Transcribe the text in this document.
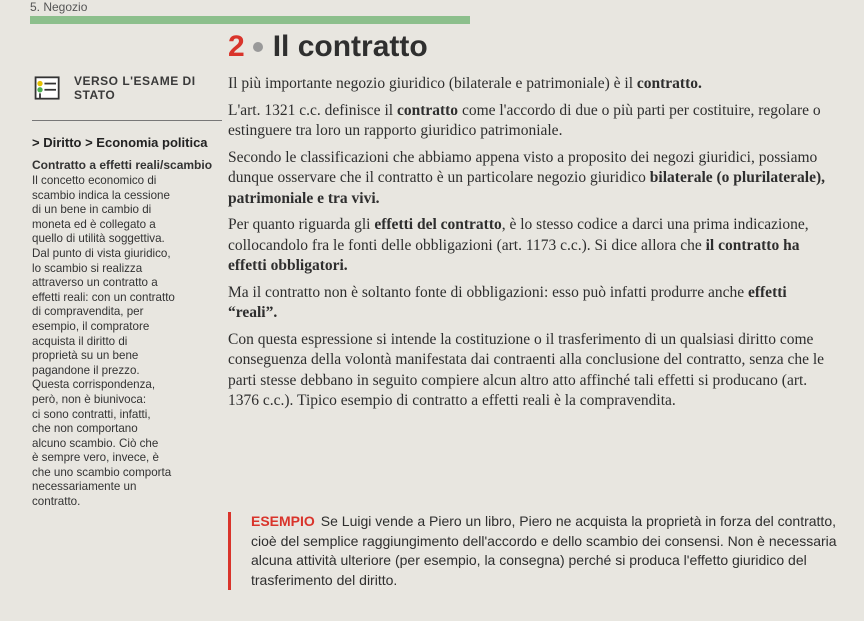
5. Negozio
VERSO L'ESAME DI STATO
> Diritto > Economia politica
Contratto a effetti reali/scambio
Il concetto economico di
scambio indica la cessione
di un bene in cambio di
moneta ed è collegato a
quello di utilità soggettiva.
Dal punto di vista giuridico,
lo scambio si realizza
attraverso un contratto a
effetti reali: con un contratto
di compravendita, per
esempio, il compratore
acquista il diritto di
proprietà su un bene
pagandone il prezzo.
Questa corrispondenza,
però, non è biunivoca:
ci sono contratti, infatti,
che non comportano
alcuno scambio. Ciò che
è sempre vero, invece, è
che uno scambio comporta
necessariamente un
contratto.
2 Il contratto

Il più importante negozio giuridico (bilaterale e patrimoniale) è il contratto.

L'art. 1321 c.c. definisce il contratto come l'accordo di due o più parti per costituire, regolare o estinguere tra loro un rapporto giuridico patrimoniale.

Secondo le classificazioni che abbiamo appena visto a proposito dei negozi giuridici, possiamo dunque osservare che il contratto è un particolare negozio giuridico bilaterale (o plurilaterale), patrimoniale e tra vivi.

Per quanto riguarda gli effetti del contratto, è lo stesso codice a darci una prima indicazione, collocandolo fra le fonti delle obbligazioni (art. 1173 c.c.). Si dice allora che il contratto ha effetti obbligatori.

Ma il contratto non è soltanto fonte di obbligazioni: esso può infatti produrre anche effetti “reali”.

Con questa espressione si intende la costituzione o il trasferimento di un qualsiasi diritto come conseguenza della volontà manifestata dai contraenti alla conclusione del contratto, senza che le parti stesse debbano in seguito compiere alcun altro atto affinché tali effetti si producano (art. 1376 c.c.). Tipico esempio di contratto a effetti reali è la compravendita.

ESEMPIO Se Luigi vende a Piero un libro, Piero ne acquista la proprietà in forza del contratto, cioè del semplice raggiungimento dell'accordo e dello scambio dei consensi. Non è necessaria alcuna attività ulteriore (per esempio, la consegna) perché si produca l'effetto giuridico del trasferimento del diritto.
